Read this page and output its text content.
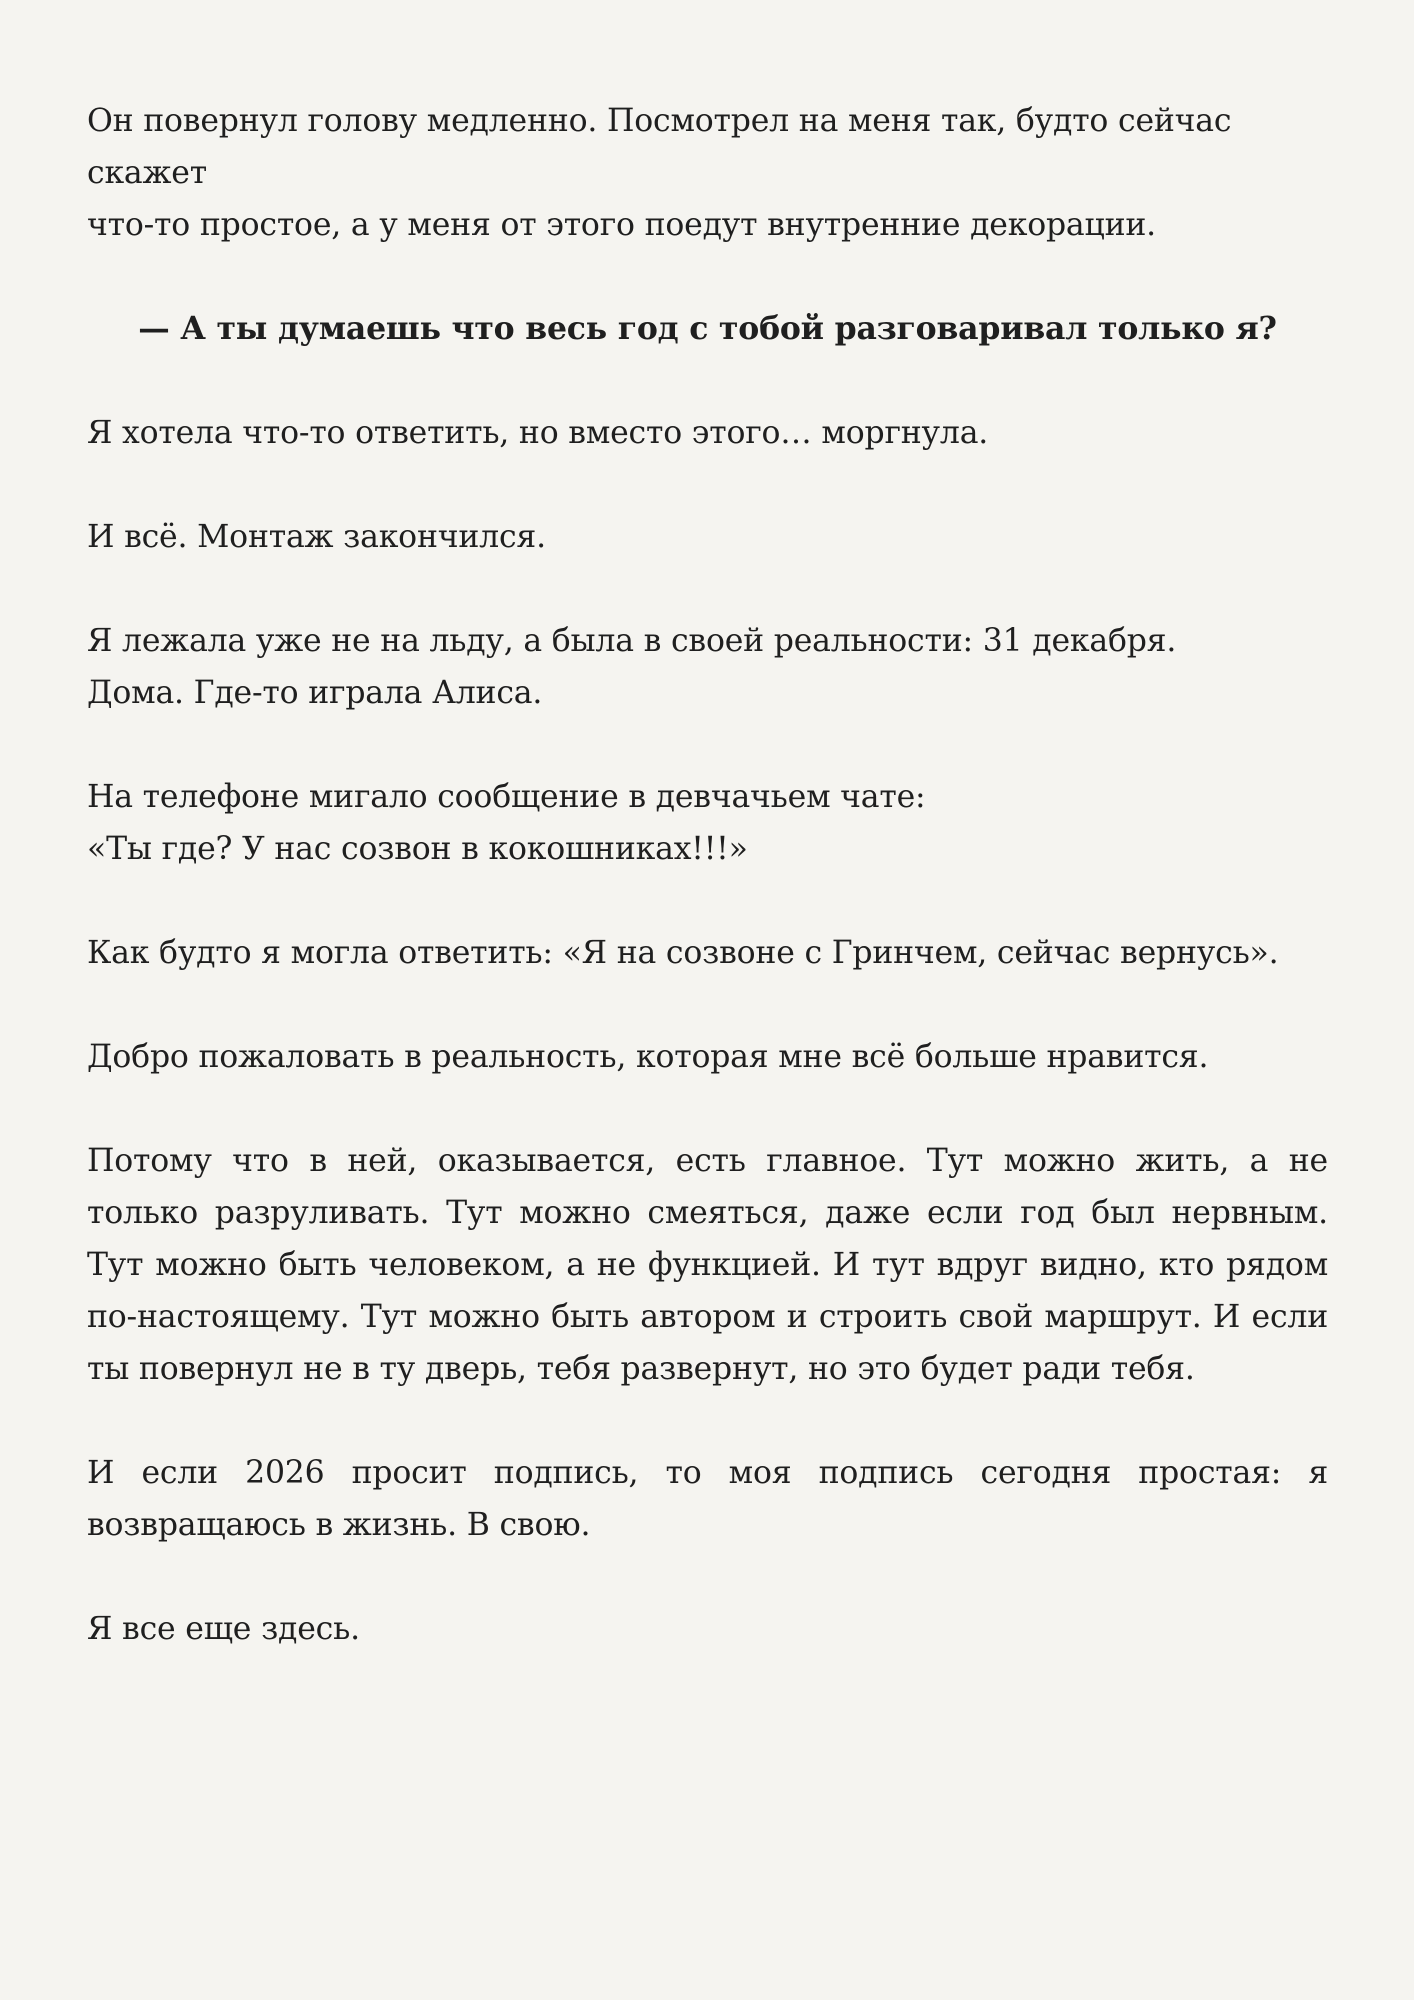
Он повернул голову медленно. Посмотрел на меня так, будто сейчас скажет
что-то простое, а у меня от этого поедут внутренние декорации.

— А ты думаешь что весь год с тобой разговаривал только я?

Я хотела что-то ответить, но вместо этого… моргнула.

И всё. Монтаж закончился.

Я лежала уже не на льду, а была в своей реальности: 31 декабря.
Дома. Где-то играла Алиса.

На телефоне мигало сообщение в девчачьем чате:
«Ты где? У нас созвон в кокошниках!!!»

Как будто я могла ответить: «Я на созвоне с Гринчем, сейчас вернусь».

Добро пожаловать в реальность, которая мне всё больше нравится.

Потому что в ней, оказывается, есть главное. Тут можно жить, а не только разруливать. Тут можно смеяться, даже если год был нервным. Тут можно быть человеком, а не функцией. И тут вдруг видно, кто рядом по-настоящему. Тут можно быть автором и строить свой маршрут. И если ты повернул не в ту дверь, тебя развернут, но это будет ради тебя.

И если 2026 просит подпись, то моя подпись сегодня простая: я возвращаюсь в жизнь. В свою.

Я все еще здесь.
